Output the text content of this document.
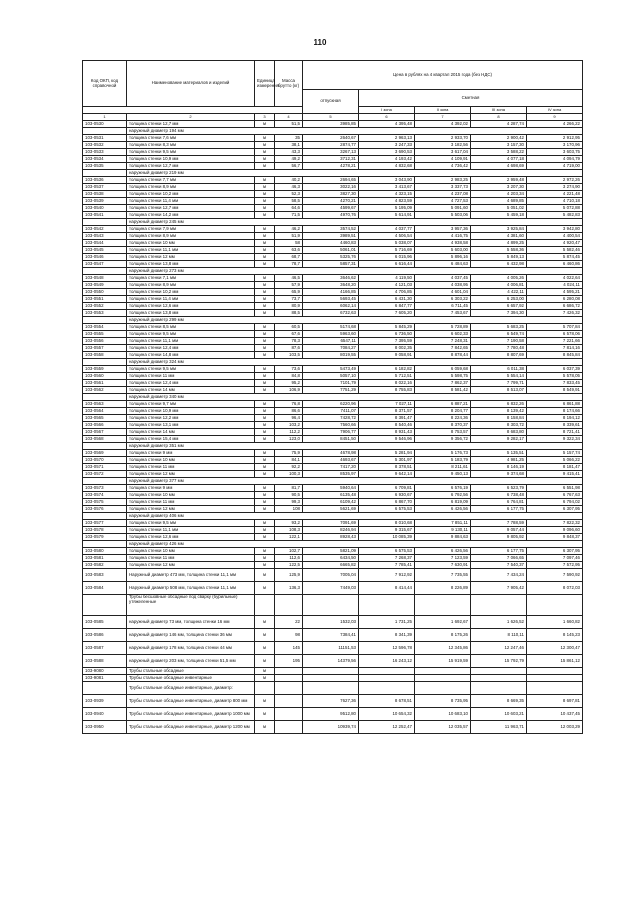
110
Код ОКП, код справочной	Наименование материалов и изделий	Единица измерения	Масса брутто (кг)	Цена в рублях на 4 квартал 2015 года (без НДС)				
				отпускная	Сметная			
					I зона	II зона	III зона	IV зона
1	2	3	4	5	6	7	8	9
103-0530	толщина стенки 12,7 мм	м	51,5	3985,85	4 395,48	4 392,02	4 287,74	4 266,22
	наружный диаметр 194 мм							
103-0531	толщина стенки 7,6 мм	м	35	2640,67	2 963,13	2 933,70	2 900,42	2 912,95
103-0532	толщина стенки 8,3 мм	м	38,1	2874,77	3 247,33	3 182,56	3 157,30	3 170,96
103-0533	толщина стенки 9,5 мм	м	43,3	3267,13	3 690,53	3 617,04	3 588,22	3 603,75
103-0534	толщина стенки 10,9 мм	м	49,2	3712,31	4 193,42	4 109,91	4 077,18	4 094,79
103-0535	толщина стенки 12,7 мм	м	56,7	4278,21	4 832,68	4 736,42	4 698,69	4 719,00
	наружный диаметр 219 мм							
103-0536	толщина стенки 7,7 мм	м	40,2	2694,65	3 043,90	2 983,25	2 959,48	2 972,26
103-0537	толщина стенки 8,9 мм	м	46,3	3022,16	3 413,67	3 337,73	3 207,30	3 274,90
103-0538	толщина стенки 10,2 мм	м	52,3	3827,30	4 323,15	4 237,08	4 203,34	4 221,48
103-0539	толщина стенки 11,4 мм	м	58,5	4270,21	4 823,59	4 727,53	4 689,85	4 710,18
103-0540	толщина стенки 12,7 мм	м	64,6	4599,67	5 195,09	5 091,60	5 051,02	5 072,88
103-0541	толщина стенки 14,2 мм	м	71,5	4970,76	5 614,91	5 503,06	5 459,18	5 482,83
	наружный диаметр 245 мм							
103-0542	толщина стенки 7,9 мм	м	46,2	3574,52	4 037,77	3 957,36	3 925,84	3 942,80
103-0543	толщина стенки 8,9 мм	м	51,9	3989,51	4 506,54	4 416,75	4 381,60	4 400,54
103-0544	толщина стенки 10 мм	м	58	4460,83	5 038,07	4 938,58	4 899,25	4 920,47
103-0545	толщина стенки 11,1 мм	м	63,6	5061,01	5 716,69	5 603,00	5 558,36	5 582,46
103-0546	толщина стенки 12 мм	м	68,7	5325,76	6 015,96	5 896,16	5 849,13	5 874,45
103-0547	толщина стенки 13,8 мм	м	78,7	5857,31	6 616,44	6 484,63	6 432,98	6 460,86
	наружный диаметр 273 мм							
103-0548	толщина стенки 7,1 мм	м	46,5	3646,62	4 119,50	4 037,45	4 005,26	4 022,64
103-0549	толщина стенки 8,9 мм	м	57,9	3648,20	4 121,03	4 038,95	4 006,81	4 024,11
103-0550	толщина стенки 10,2 мм	м	65,9	4166,85	4 706,85	4 601,04	4 422,11	4 595,21
103-0551	толщина стенки 11,4 мм	м	73,7	5693,45	6 431,30	6 303,22	6 253,00	6 280,08
103-0552	толщина стенки 12,6 мм	м	80,9	6062,14	6 847,77	6 711,45	6 657,92	6 686,72
103-0553	толщина стенки 13,8 мм	м	88,5	6732,63	7 605,20	7 453,67	7 394,30	7 426,32
	наружный диаметр 299 мм							
103-0554	толщина стенки 8,5 мм	м	60,5	5174,68	5 845,29	5 728,89	5 683,25	5 707,84
103-0555	толщина стенки 9,5 мм	м	67,6	5963,60	6 736,50	6 602,33	6 549,74	6 578,06
103-0556	толщина стенки 11,1 мм	м	78,3	6547,11	7 395,59	7 248,31	7 190,58	7 221,66
103-0557	толщина стенки 12,4 мм	м	87,6	7084,27	8 002,35	7 842,65	7 780,48	7 814,16
103-0558	толщина стенки 14,8 мм	м	103,5	8019,55	9 058,91	8 878,44	8 807,69	8 845,84
	наружный диаметр 324 мм							
103-0559	толщина стенки 9,5 мм	м	73,6	5473,49	6 182,82	6 059,68	6 011,38	6 037,39
103-0560	толщина стенки 11 мм	м	84,8	5057,10	5 712,51	5 598,75	5 554,14	5 578,05
103-0561	толщина стенки 12,4 мм	м	95,2	7101,79	8 022,16	7 862,37	7 799,71	7 833,45
103-0562	толщина стенки 14 мм	м	106,9	7751,29	8 755,83	8 581,42	8 513,07	8 549,91
	наружный диаметр 340 мм							
103-0563	толщина стенки 9,7 мм	м	76,8	6220,96	7 027,11	6 887,21	6 832,26	6 861,88
103-0564	толщина стенки 10,9 мм	м	86,6	7411,07	8 371,57	8 204,77	8 139,42	8 174,66
103-0565	толщина стенки 12,2 мм	м	96,4	7428,72	8 391,47	8 224,36	8 158,84	8 194,12
103-0566	толщина стенки 13,1 мм	м	103,2	7560,66	8 540,46	8 370,37	8 303,72	8 339,61
103-0567	толщина стенки 14 мм	м	112,2	7906,77	8 931,43	8 753,57	8 683,80	8 721,41
103-0568	толщина стенки 15,4 мм	м	123,0	8451,50	9 546,96	9 356,72	9 282,17	9 322,34
	наружный диаметр 351 мм							
103-0569	толщина стенки 9 мм	м	75,9	4678,98	5 281,94	5 176,73	5 135,51	5 157,74
103-0570	толщина стенки 10 мм	м	84,1	4693,67	5 301,97	5 183,79	4 981,25	5 066,22
103-0571	толщина стенки 11 мм	м	92,2	7417,20	8 378,51	8 211,61	8 146,19	8 181,47
103-0572	толщина стенки 12 мм	м	100,3	8535,97	9 642,14	9 450,13	9 374,68	9 415,41
	наружный диаметр 377 мм							
103-0573	толщина стенки 9 мм	м	81,7	5940,64	6 709,81	6 576,19	6 523,79	6 551,98
103-0574	толщина стенки 10 мм	м	90,5	6135,48	6 930,67	6 792,56	6 738,48	6 767,63
103-0575	толщина стенки 11 мм	м	99,3	6109,42	6 867,70	6 819,09	6 764,81	6 794,02
103-0576	толщина стенки 12 мм	м	108	5621,69	6 575,53	6 426,56	6 177,75	6 307,95
	наружный диаметр 406 мм							
103-0577	толщина стенки 9,5 мм	м	93,2	7091,69	8 010,68	7 851,11	7 788,59	7 822,32
103-0578	толщина стенки 11,1 мм	м	108,3	8246,94	9 315,67	9 130,11	9 057,44	9 096,60
103-0579	толщина стенки 12,6 мм	м	122,1	8928,43	10 085,39	9 884,63	9 805,92	9 848,37
	наружный диаметр 426 мм							
103-0580	толщина стенки 10 мм	м	102,7	5821,09	6 575,53	6 426,56	6 177,75	6 307,95
103-0581	толщина стенки 11 мм	м	112,6	6434,50	7 268,37	7 123,59	7 066,65	7 097,46
103-0582	толщина стенки 12 мм	м	122,5	6665,82	7 785,41	7 630,91	7 540,37	7 572,95
103-0583	Наружный диаметр 473 мм, толщина стенки 11,1 мм	м	125,9	7005,04	7 912,92	7 735,55	7 434,24	7 590,92
103-0584	Наружный диаметр 508 мм, толщина стенки 11,1 мм	м	136,3	7449,03	8 414,44	8 226,89	7 905,42	8 072,03
	Трубы бесшовные обсадные под сварку (бурильные) утяжеленные							
103-0585	наружный диаметр 73 мм, толщина стенки 16 мм	м	22	1532,03	1 731,25	1 692,67	1 626,52	1 660,82
103-0586	наружный диаметр 146 мм, толщина стенки 36 мм	м	98	7384,41	8 341,39	8 175,26	8 110,11	8 145,23
103-0587	наружный диаметр 178 мм, толщина стенки 44 мм	м	145	11151,53	12 596,78	12 345,86	12 247,46	12 300,47
103-0588	наружный диаметр 203 мм, толщина стенки 51,5 мм	м	195	14379,56	16 243,12	15 919,59	15 792,79	15 861,12
103-9080	Трубы стальные обсадные	м						
103-9081	Трубы стальные обсадные инвентарные	м						
	Трубы стальные обсадные инвентарные, диаметр:							
103-0939	Трубы стальные обсадные инвентарные, диаметр 800 мм	м		7627,36	8 678,51	8 735,95	8 669,35	8 697,81
103-0940	Трубы стальные обсадные инвентарные, диаметр 1000 мм	м		9512,80	10 654,32	10 683,10	10 603,21	10 437,45
103-0950	Трубы стальные обсадные инвентарные, диаметр 1200 мм	м		10939,74	12 252,47	12 035,57	11 963,71	12 003,29
